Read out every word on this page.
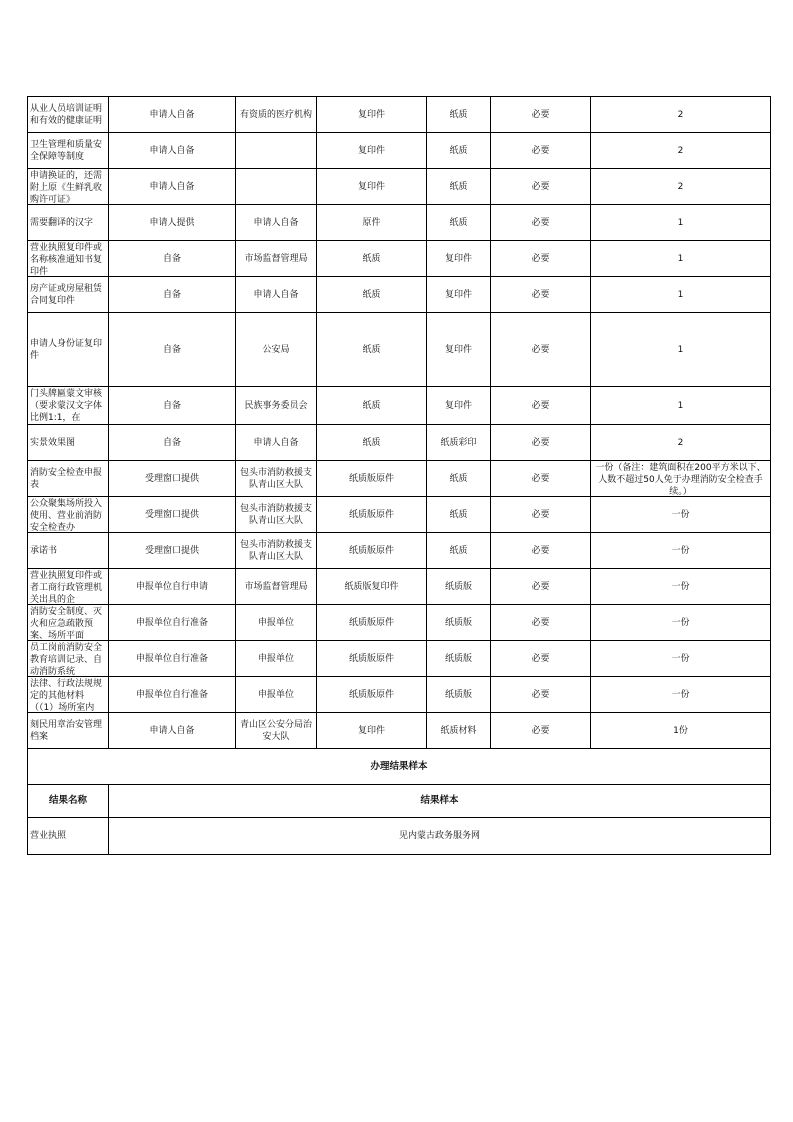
从业人员培训证明和有效的健康证明	申请人自备	有资质的医疗机构	复印件	纸质	必要	2

卫生管理和质量安全保障等制度	申请人自备		复印件	纸质	必要	2

申请换证的，还需附上原《生鲜乳收购许可证》	申请人自备		复印件	纸质	必要	2

需要翻译的汉字	申请人提供	申请人自备	原件	纸质	必要	1

营业执照复印件或名称核准通知书复印件	自备	市场监督管理局	纸质	复印件	必要	1

房产证或房屋租赁合同复印件	自备	申请人自备	纸质	复印件	必要	1

申请人身份证复印件	自备	公安局	纸质	复印件	必要	1

门头牌匾蒙文审核（要求蒙汉文字体比例1:1，在	自备	民族事务委员会	纸质	复印件	必要	1

实景效果图	自备	申请人自备	纸质	纸质彩印	必要	2

消防安全检查申报表	受理窗口提供	包头市消防救援支队青山区大队	纸质版原件	纸质	必要	一份（备注：建筑面积在200平方米以下、人数不超过50人免于办理消防安全检查手续。）

公众聚集场所投入使用、营业前消防安全检查办	受理窗口提供	包头市消防救援支队青山区大队	纸质版原件	纸质	必要	一份

承诺书	受理窗口提供	包头市消防救援支队青山区大队	纸质版原件	纸质	必要	一份

营业执照复印件或者工商行政管理机关出具的企	申报单位自行申请	市场监督管理局	纸质版复印件	纸质版	必要	一份

消防安全制度、灭火和应急疏散预案、场所平面	申报单位自行准备	申报单位	纸质版原件	纸质版	必要	一份

员工岗前消防安全教育培训记录、自动消防系统	申报单位自行准备	申报单位	纸质版原件	纸质版	必要	一份

法律、行政法规规定的其他材料（（1）场所室内	申报单位自行准备	申报单位	纸质版原件	纸质版	必要	一份

刻民用章治安管理档案	申请人自备	青山区公安分局治安大队	复印件	纸质材料	必要	1份

办理结果样本						
结果名称	结果样本					
营业执照	见内蒙古政务服务网					
